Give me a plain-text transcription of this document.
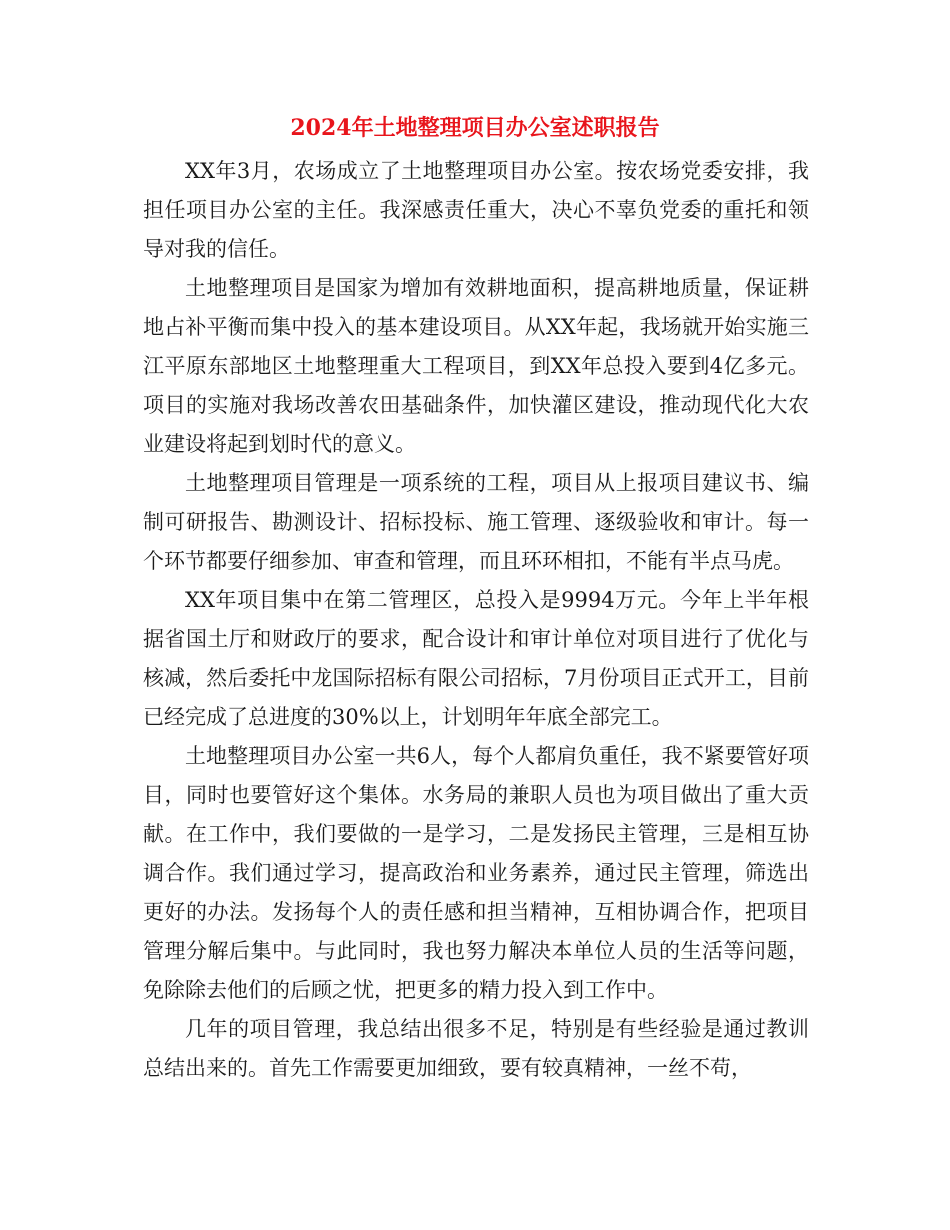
2024年土地整理项目办公室述职报告

XX年3月，农场成立了土地整理项目办公室。按农场党委安排，我担任项目办公室的主任。我深感责任重大，决心不辜负党委的重托和领导对我的信任。

土地整理项目是国家为增加有效耕地面积，提高耕地质量，保证耕地占补平衡而集中投入的基本建设项目。从XX年起，我场就开始实施三江平原东部地区土地整理重大工程项目，到XX年总投入要到4亿多元。项目的实施对我场改善农田基础条件，加快灌区建设，推动现代化大农业建设将起到划时代的意义。

土地整理项目管理是一项系统的工程，项目从上报项目建议书、编制可研报告、勘测设计、招标投标、施工管理、逐级验收和审计。每一个环节都要仔细参加、审查和管理，而且环环相扣，不能有半点马虎。

XX年项目集中在第二管理区，总投入是9994万元。今年上半年根据省国土厅和财政厅的要求，配合设计和审计单位对项目进行了优化与核减，然后委托中龙国际招标有限公司招标，7月份项目正式开工，目前已经完成了总进度的30%以上，计划明年年底全部完工。

土地整理项目办公室一共6人，每个人都肩负重任，我不紧要管好项目，同时也要管好这个集体。水务局的兼职人员也为项目做出了重大贡献。在工作中，我们要做的一是学习，二是发扬民主管理，三是相互协调合作。我们通过学习，提高政治和业务素养，通过民主管理，筛选出更好的办法。发扬每个人的责任感和担当精神，互相协调合作，把项目管理分解后集中。与此同时，我也努力解决本单位人员的生活等问题，免除除去他们的后顾之忧，把更多的精力投入到工作中。

几年的项目管理，我总结出很多不足，特别是有些经验是通过教训总结出来的。首先工作需要更加细致，要有较真精神，一丝不苟，
